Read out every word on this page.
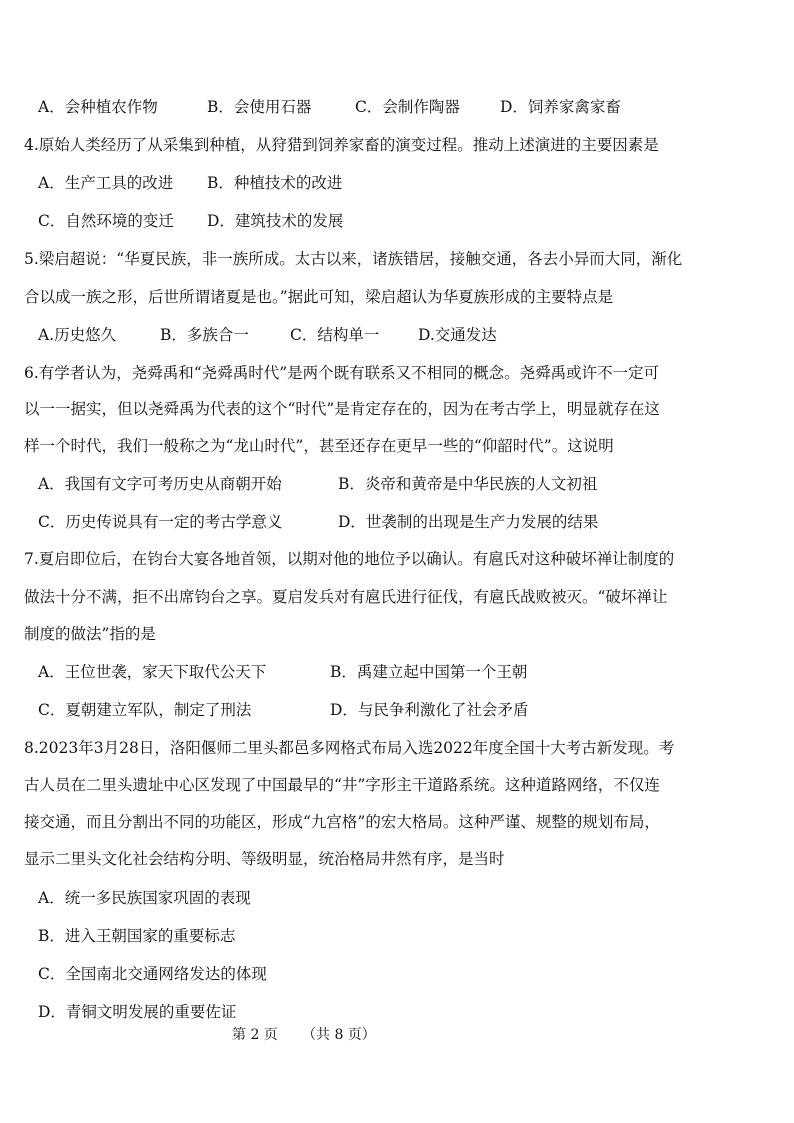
A．会种植农作物	B．会使用石器	C．会制作陶器	D．饲养家禽家畜
4.原始人类经历了从采集到种植，从狩猎到饲养家畜的演变过程。推动上述演进的主要因素是
A．生产工具的改进 B．种植技术的改进
C．自然环境的变迁 D．建筑技术的发展
5.梁启超说：“华夏民族，非一族所成。太古以来，诸族错居，接触交通，各去小异而大同，渐化
合以成一族之形，后世所谓诸夏是也。”据此可知，梁启超认为华夏族形成的主要特点是
A.历史悠久	B．多族合一	C．结构单一 D.交通发达
6.有学者认为，尧舜禹和“尧舜禹时代”是两个既有联系又不相同的概念。尧舜禹或许不一定可
以一一据实，但以尧舜禹为代表的这个“时代”是肯定存在的，因为在考古学上，明显就存在这
样一个时代，我们一般称之为“龙山时代”，甚至还存在更早一些的“仰韶时代”。这说明
A．我国有文字可考历史从商朝开始	B．炎帝和黄帝是中华民族的人文初祖
C．历史传说具有一定的考古学意义	D．世袭制的出现是生产力发展的结果
7.夏启即位后，在钧台大宴各地首领，以期对他的地位予以确认。有扈氏对这种破坏禅让制度的
做法十分不满，拒不出席钧台之享。夏启发兵对有扈氏进行征伐，有扈氏战败被灭。“破坏禅让
制度的做法”指的是
A．王位世袭，家天下取代公天下	B．禹建立起中国第一个王朝
C．夏朝建立军队，制定了刑法	D．与民争利激化了社会矛盾
8.2023年3月28日，洛阳偃师二里头都邑多网格式布局入选2022年度全国十大考古新发现。考
古人员在二里头遗址中心区发现了中国最早的“井”字形主干道路系统。这种道路网络，不仅连
接交通，而且分割出不同的功能区，形成“九宫格”的宏大格局。这种严谨、规整的规划布局，
显示二里头文化社会结构分明、等级明显，统治格局井然有序，是当时
A．统一多民族国家巩固的表现
B．进入王朝国家的重要标志
C．全国南北交通网络发达的体现
D．青铜文明发展的重要佐证
第 2 页 （共 8 页）
